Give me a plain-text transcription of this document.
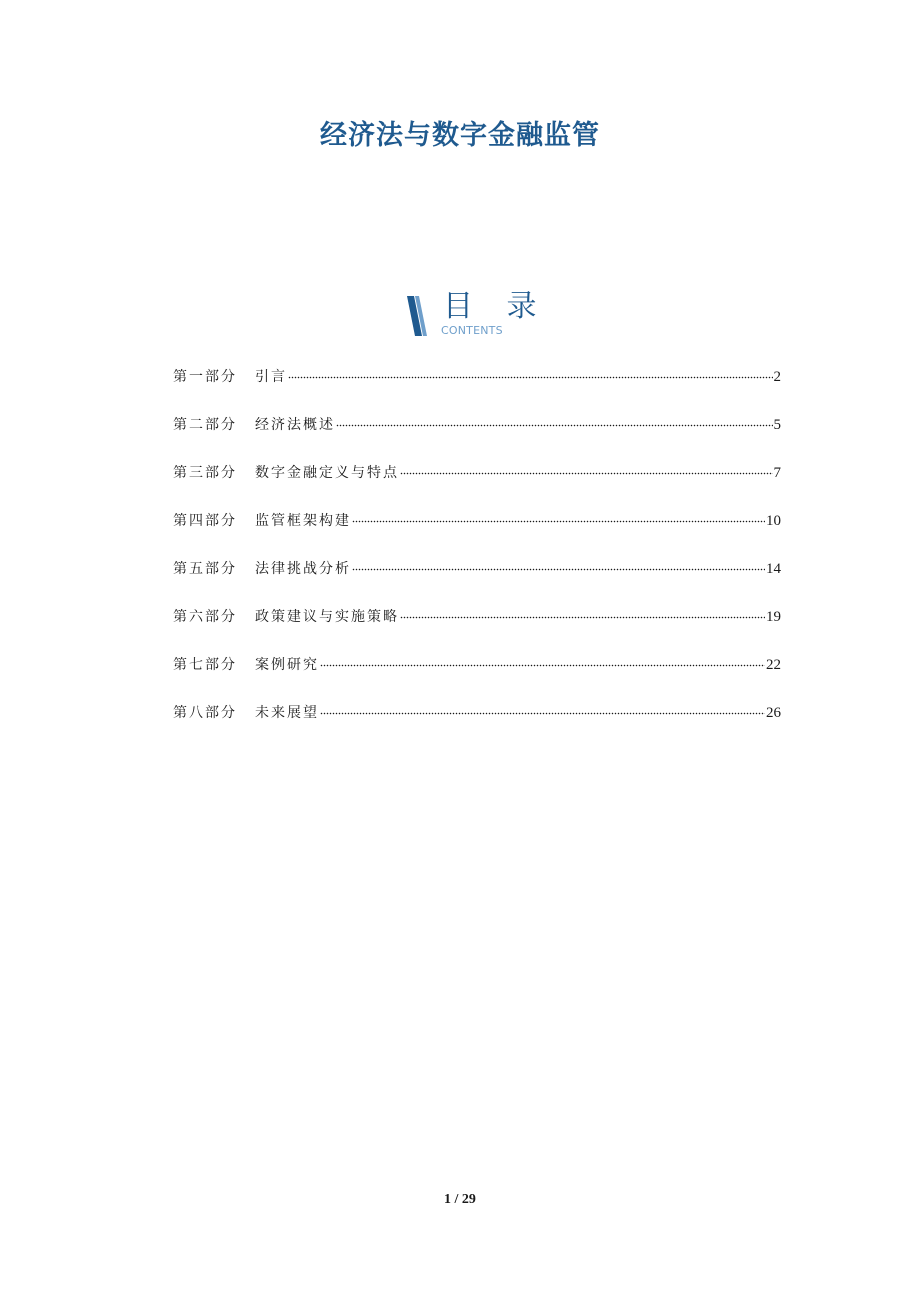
经济法与数字金融监管
目 录
CONTENTS
第一部分	引言	2
第二部分	经济法概述	5
第三部分	数字金融定义与特点	7
第四部分	监管框架构建	10
第五部分	法律挑战分析	14
第六部分	政策建议与实施策略	19
第七部分	案例研究	22
第八部分	未来展望	26
1 / 29
